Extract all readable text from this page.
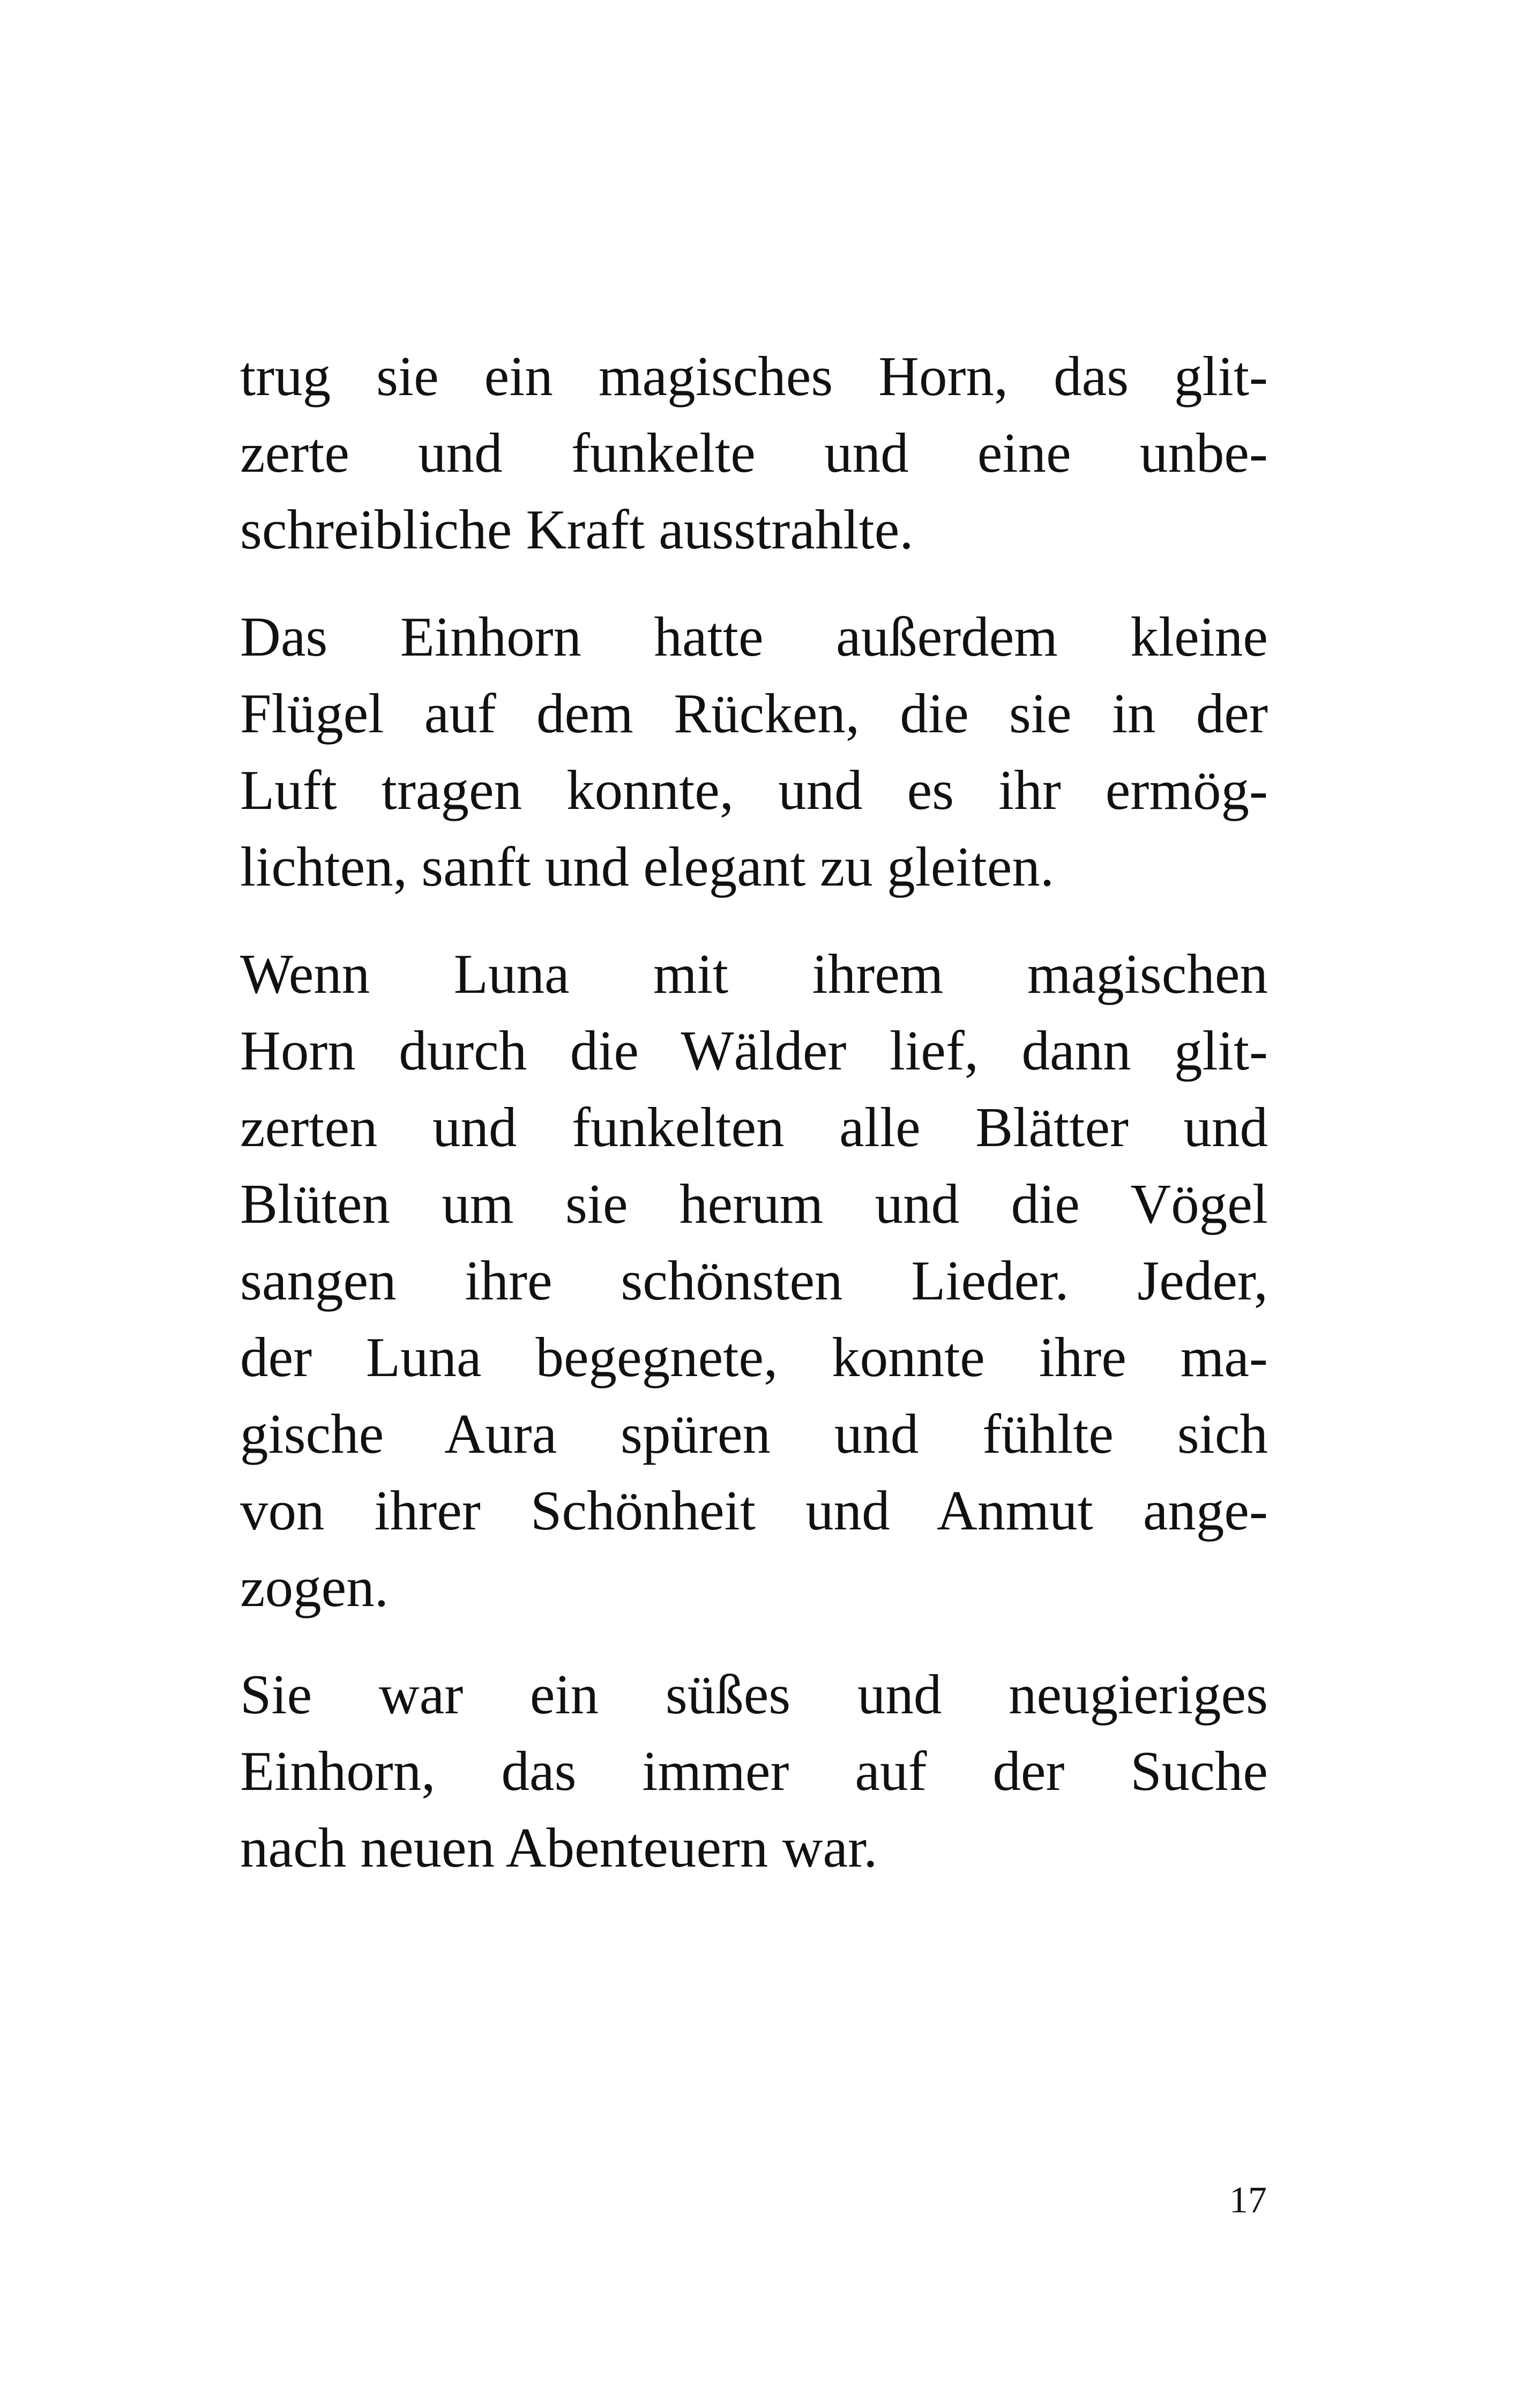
trug sie ein magisches Horn, das glit-
zerte und funkelte und eine unbe-
schreibliche Kraft ausstrahlte.
Das Einhorn hatte außerdem kleine
Flügel auf dem Rücken, die sie in der
Luft tragen konnte, und es ihr ermög-
lichten, sanft und elegant zu gleiten.
Wenn Luna mit ihrem magischen
Horn durch die Wälder lief, dann glit-
zerten und funkelten alle Blätter und
Blüten um sie herum und die Vögel
sangen ihre schönsten Lieder. Jeder,
der Luna begegnete, konnte ihre ma-
gische Aura spüren und fühlte sich
von ihrer Schönheit und Anmut ange-
zogen.
Sie war ein süßes und neugieriges
Einhorn, das immer auf der Suche
nach neuen Abenteuern war.
17
